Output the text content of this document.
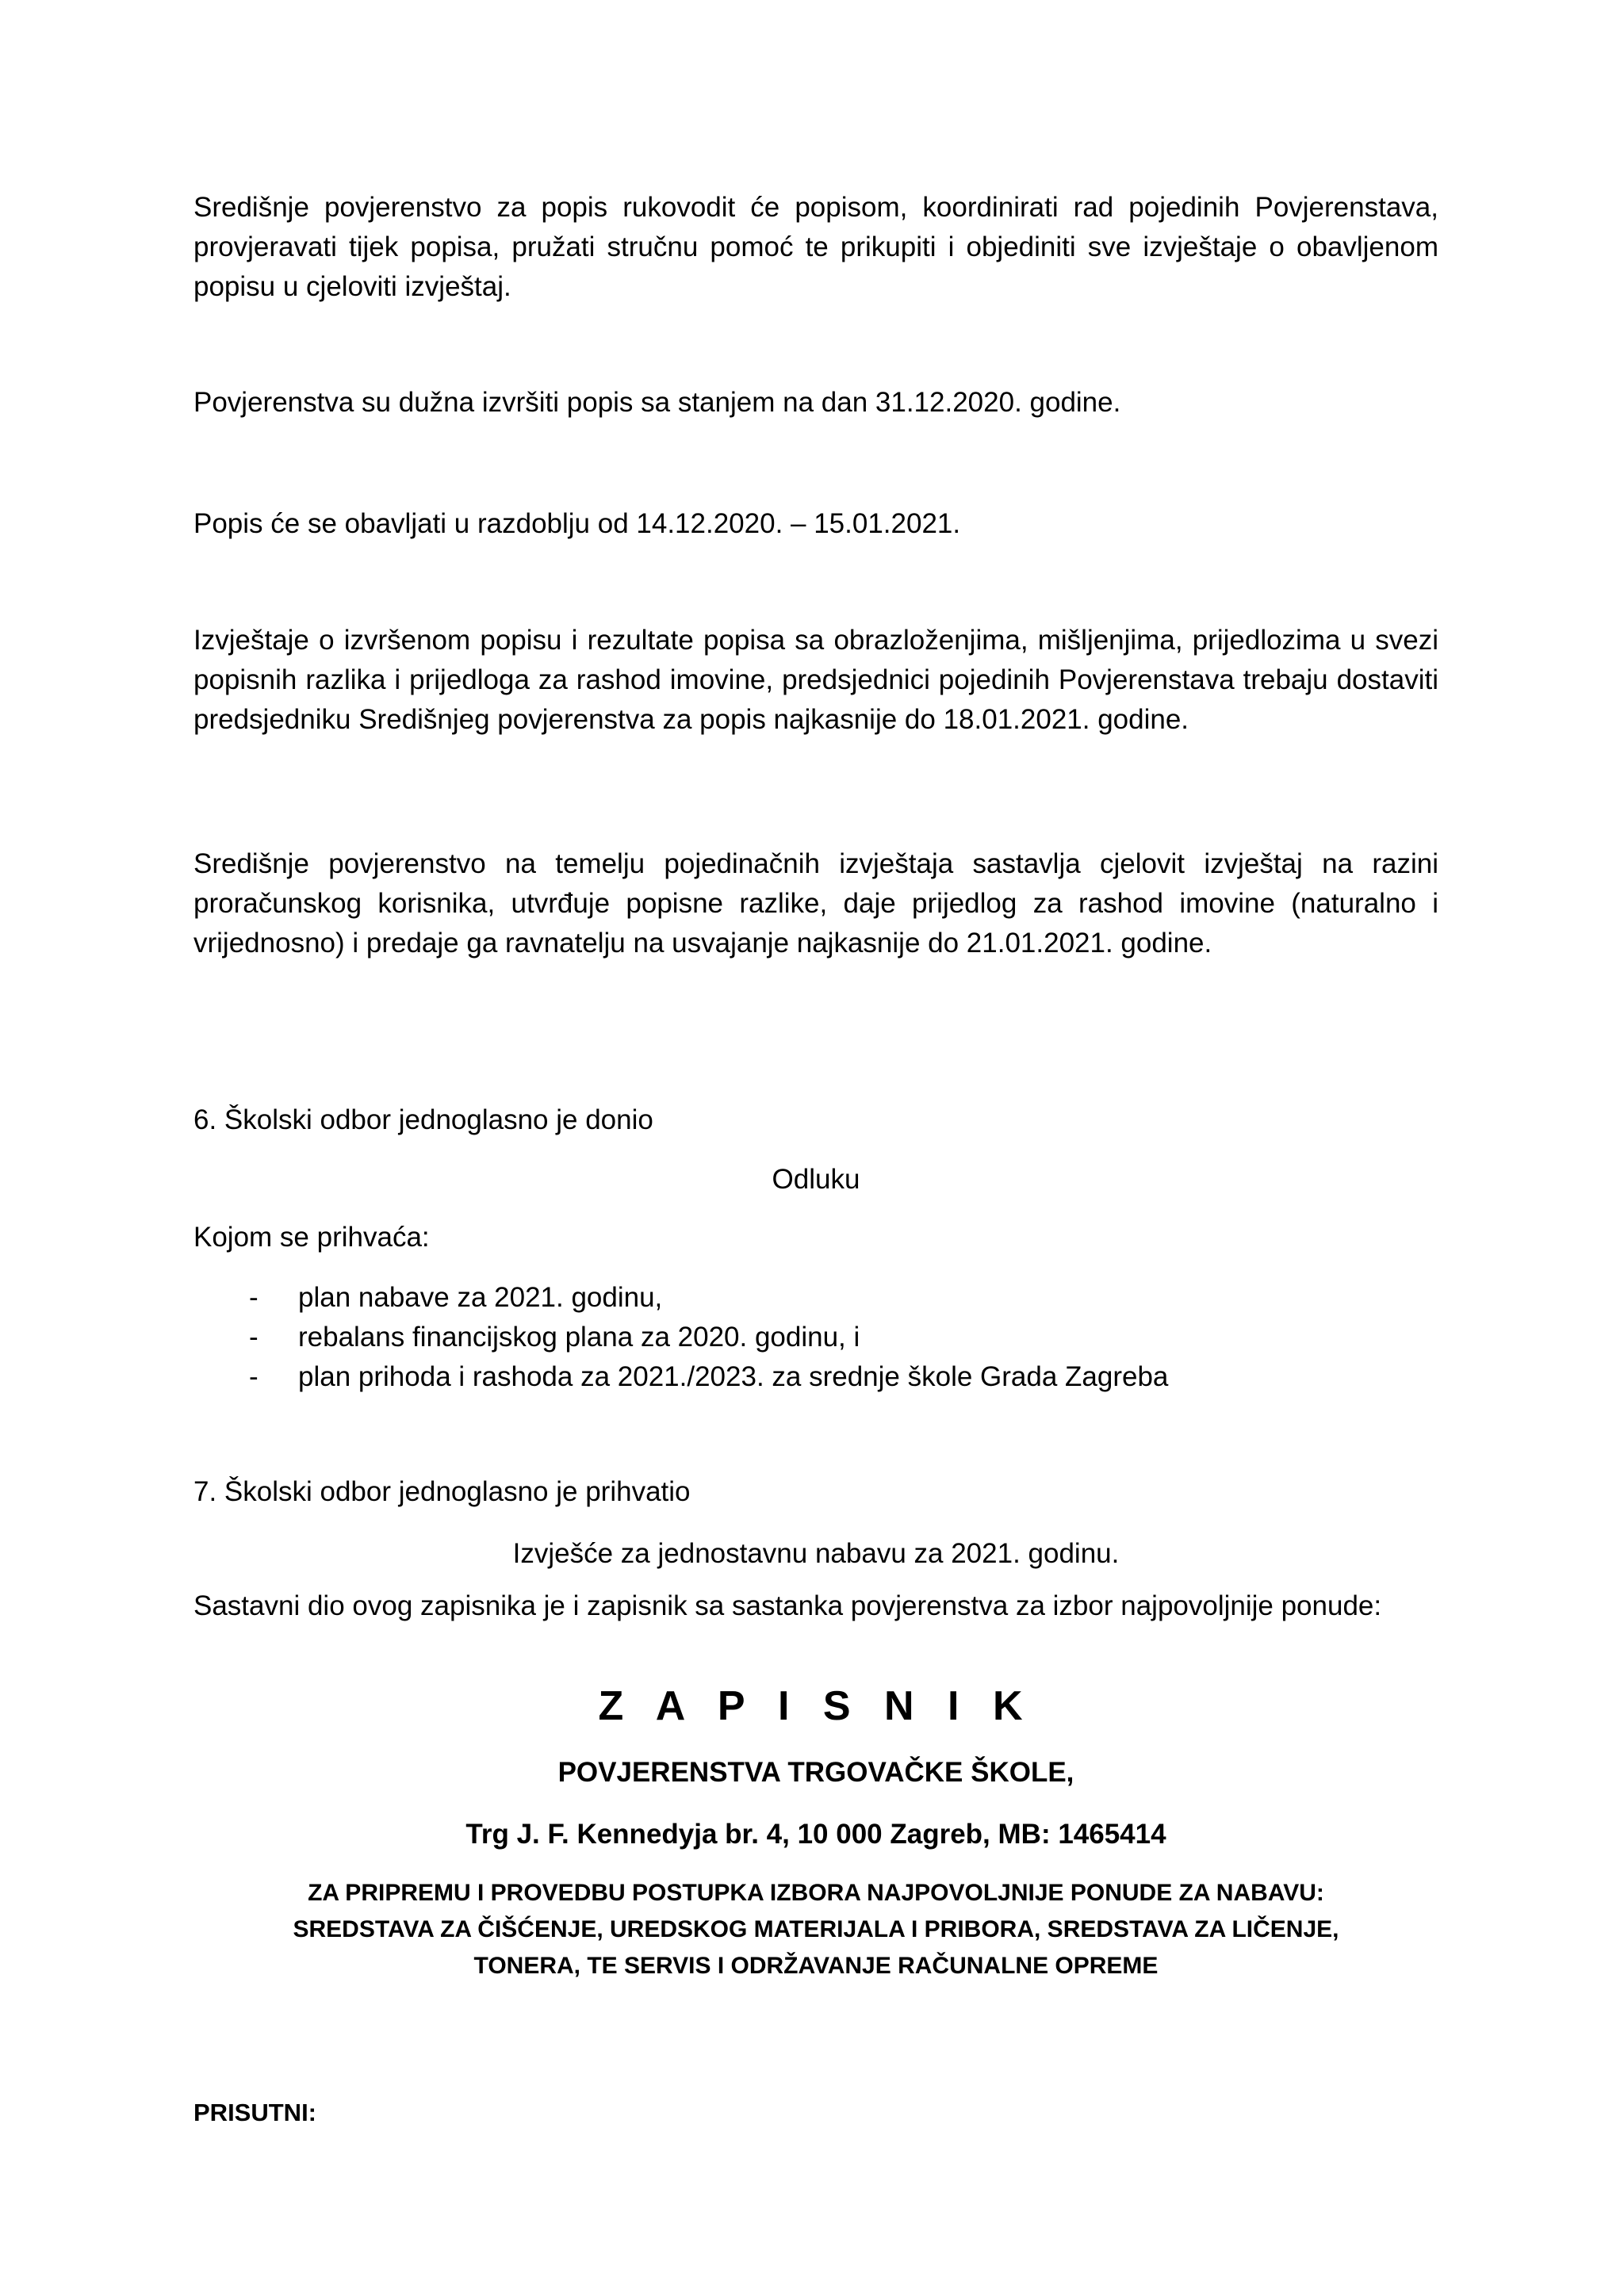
Središnje povjerenstvo za popis rukovodit će popisom, koordinirati rad pojedinih Povjerenstava, provjeravati tijek popisa, pružati stručnu pomoć te prikupiti i objediniti sve izvještaje o obavljenom popisu u cjeloviti izvještaj.

Povjerenstva su dužna izvršiti popis sa stanjem na dan 31.12.2020. godine.

Popis će se obavljati u razdoblju od 14.12.2020. – 15.01.2021.

Izvještaje o izvršenom popisu i rezultate popisa sa obrazloženjima, mišljenjima, prijedlozima u svezi popisnih razlika i prijedloga za rashod imovine, predsjednici pojedinih Povjerenstava trebaju dostaviti predsjedniku Središnjeg povjerenstva za popis najkasnije do 18.01.2021. godine.

Središnje povjerenstvo na temelju pojedinačnih izvještaja sastavlja cjelovit izvještaj na razini proračunskog korisnika, utvrđuje popisne razlike, daje prijedlog za rashod imovine (naturalno i vrijednosno) i predaje ga ravnatelju na usvajanje najkasnije do 21.01.2021. godine.

6. Školski odbor jednoglasno je donio

Odluku

Kojom se prihvaća:

- plan nabave za 2021. godinu,
- rebalans financijskog plana za 2020. godinu, i
- plan prihoda i rashoda za 2021./2023. za srednje škole Grada Zagreba

7. Školski odbor jednoglasno je prihvatio

Izvješće za jednostavnu nabavu za 2021. godinu.

Sastavni dio ovog zapisnika je i zapisnik sa sastanka povjerenstva za izbor najpovoljnije ponude:

Z A P I S N I K

POVJERENSTVA TRGOVAČKE ŠKOLE,

Trg J. F. Kennedyja br. 4, 10 000 Zagreb, MB: 1465414

ZA PRIPREMU I PROVEDBU POSTUPKA IZBORA NAJPOVOLJNIJE PONUDE ZA NABAVU:

SREDSTAVA ZA ČIŠĆENJE, UREDSKOG MATERIJALA I PRIBORA, SREDSTAVA ZA LIČENJE,

TONERA, TE SERVIS I ODRŽAVANJE RAČUNALNE OPREME

PRISUTNI:
